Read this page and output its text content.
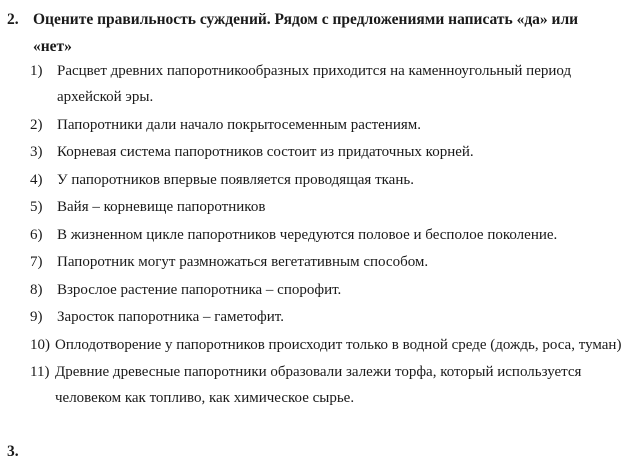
2. Оцените правильность суждений. Рядом с предложениями написать «да» или «нет»
1) Расцвет древних папоротникообразных приходится на каменноугольный период архейской эры.
2) Папоротники дали начало покрытосеменным растениям.
3) Корневая система папоротников состоит из придаточных корней.
4) У папоротников впервые появляется проводящая ткань.
5) Вайя – корневище папоротников
6) В жизненном цикле папоротников чередуются половое и бесполое поколение.
7) Папоротник могут размножаться вегетативным способом.
8) Взрослое растение папоротника – спорофит.
9) Заросток папоротника – гаметофит.
10) Оплодотворение у папоротников происходит только в водной среде (дождь, роса, туман)
11) Древние древесные папоротники образовали залежи торфа, который используется человеком как топливо, как химическое сырье.
3.
